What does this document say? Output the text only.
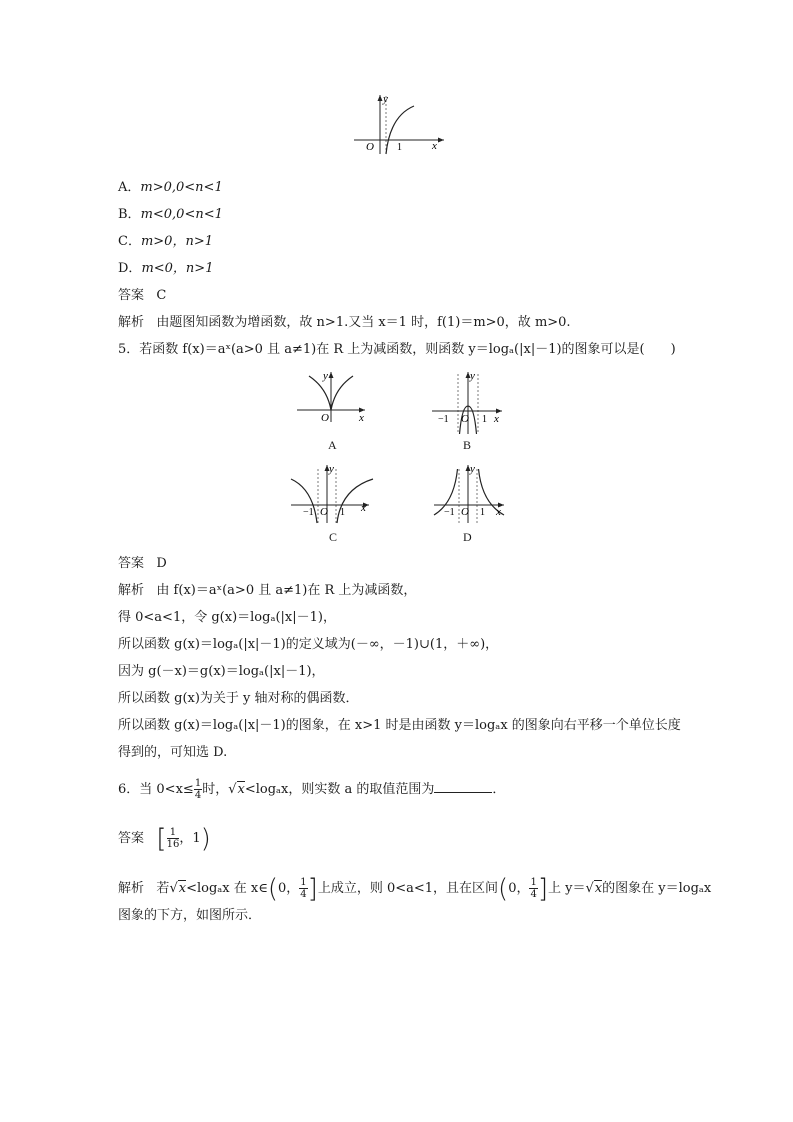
O 1	x
y
A．m>0,0<n<1
B．m<0,0<n<1
C．m>0，n>1
D．m<0，n>1
答案 C
解析 由题图知函数为增函数，故 n>1.又当 x＝1 时，f(1)＝m>0，故 m>0.
5．若函数 f(x)＝aˣ(a>0 且 a≠1)在 R 上为减函数，则函数 y＝logₐ(|x|－1)的图象可以是(　　)
O	x
y
A
−1 O 1 x
y
B
−1 O 1 x
y
C
−1 O 1 x
y
D
答案 D
解析 由 f(x)＝aˣ(a>0 且 a≠1)在 R 上为减函数，
得 0<a<1，令 g(x)＝logₐ(|x|－1)，
所以函数 g(x)＝logₐ(|x|－1)的定义域为(－∞，－1)∪(1，＋∞)，
因为 g(－x)＝g(x)＝logₐ(|x|－1)，
所以函数 g(x)为关于 y 轴对称的偶函数．
所以函数 g(x)＝logₐ(|x|－1)的图象，在 x>1 时是由函数 y＝logₐx 的图象向右平移一个单位长度
得到的，可知选 D.
6．当 $0<x\le \frac{1}{4}$ 时，√x<logₐx，则实数 a 的取值范围为	．
答案 [ $\frac{1}{16}$ ，1)
解析 若√x<logₐx 在 x∈(0， $\frac{1}{4}$ ]上成立，则 0<a<1，且在区间(0， $\frac{1}{4}$ ]上 y＝√x的图象在 y＝logₐx
图象的下方，如图所示．
